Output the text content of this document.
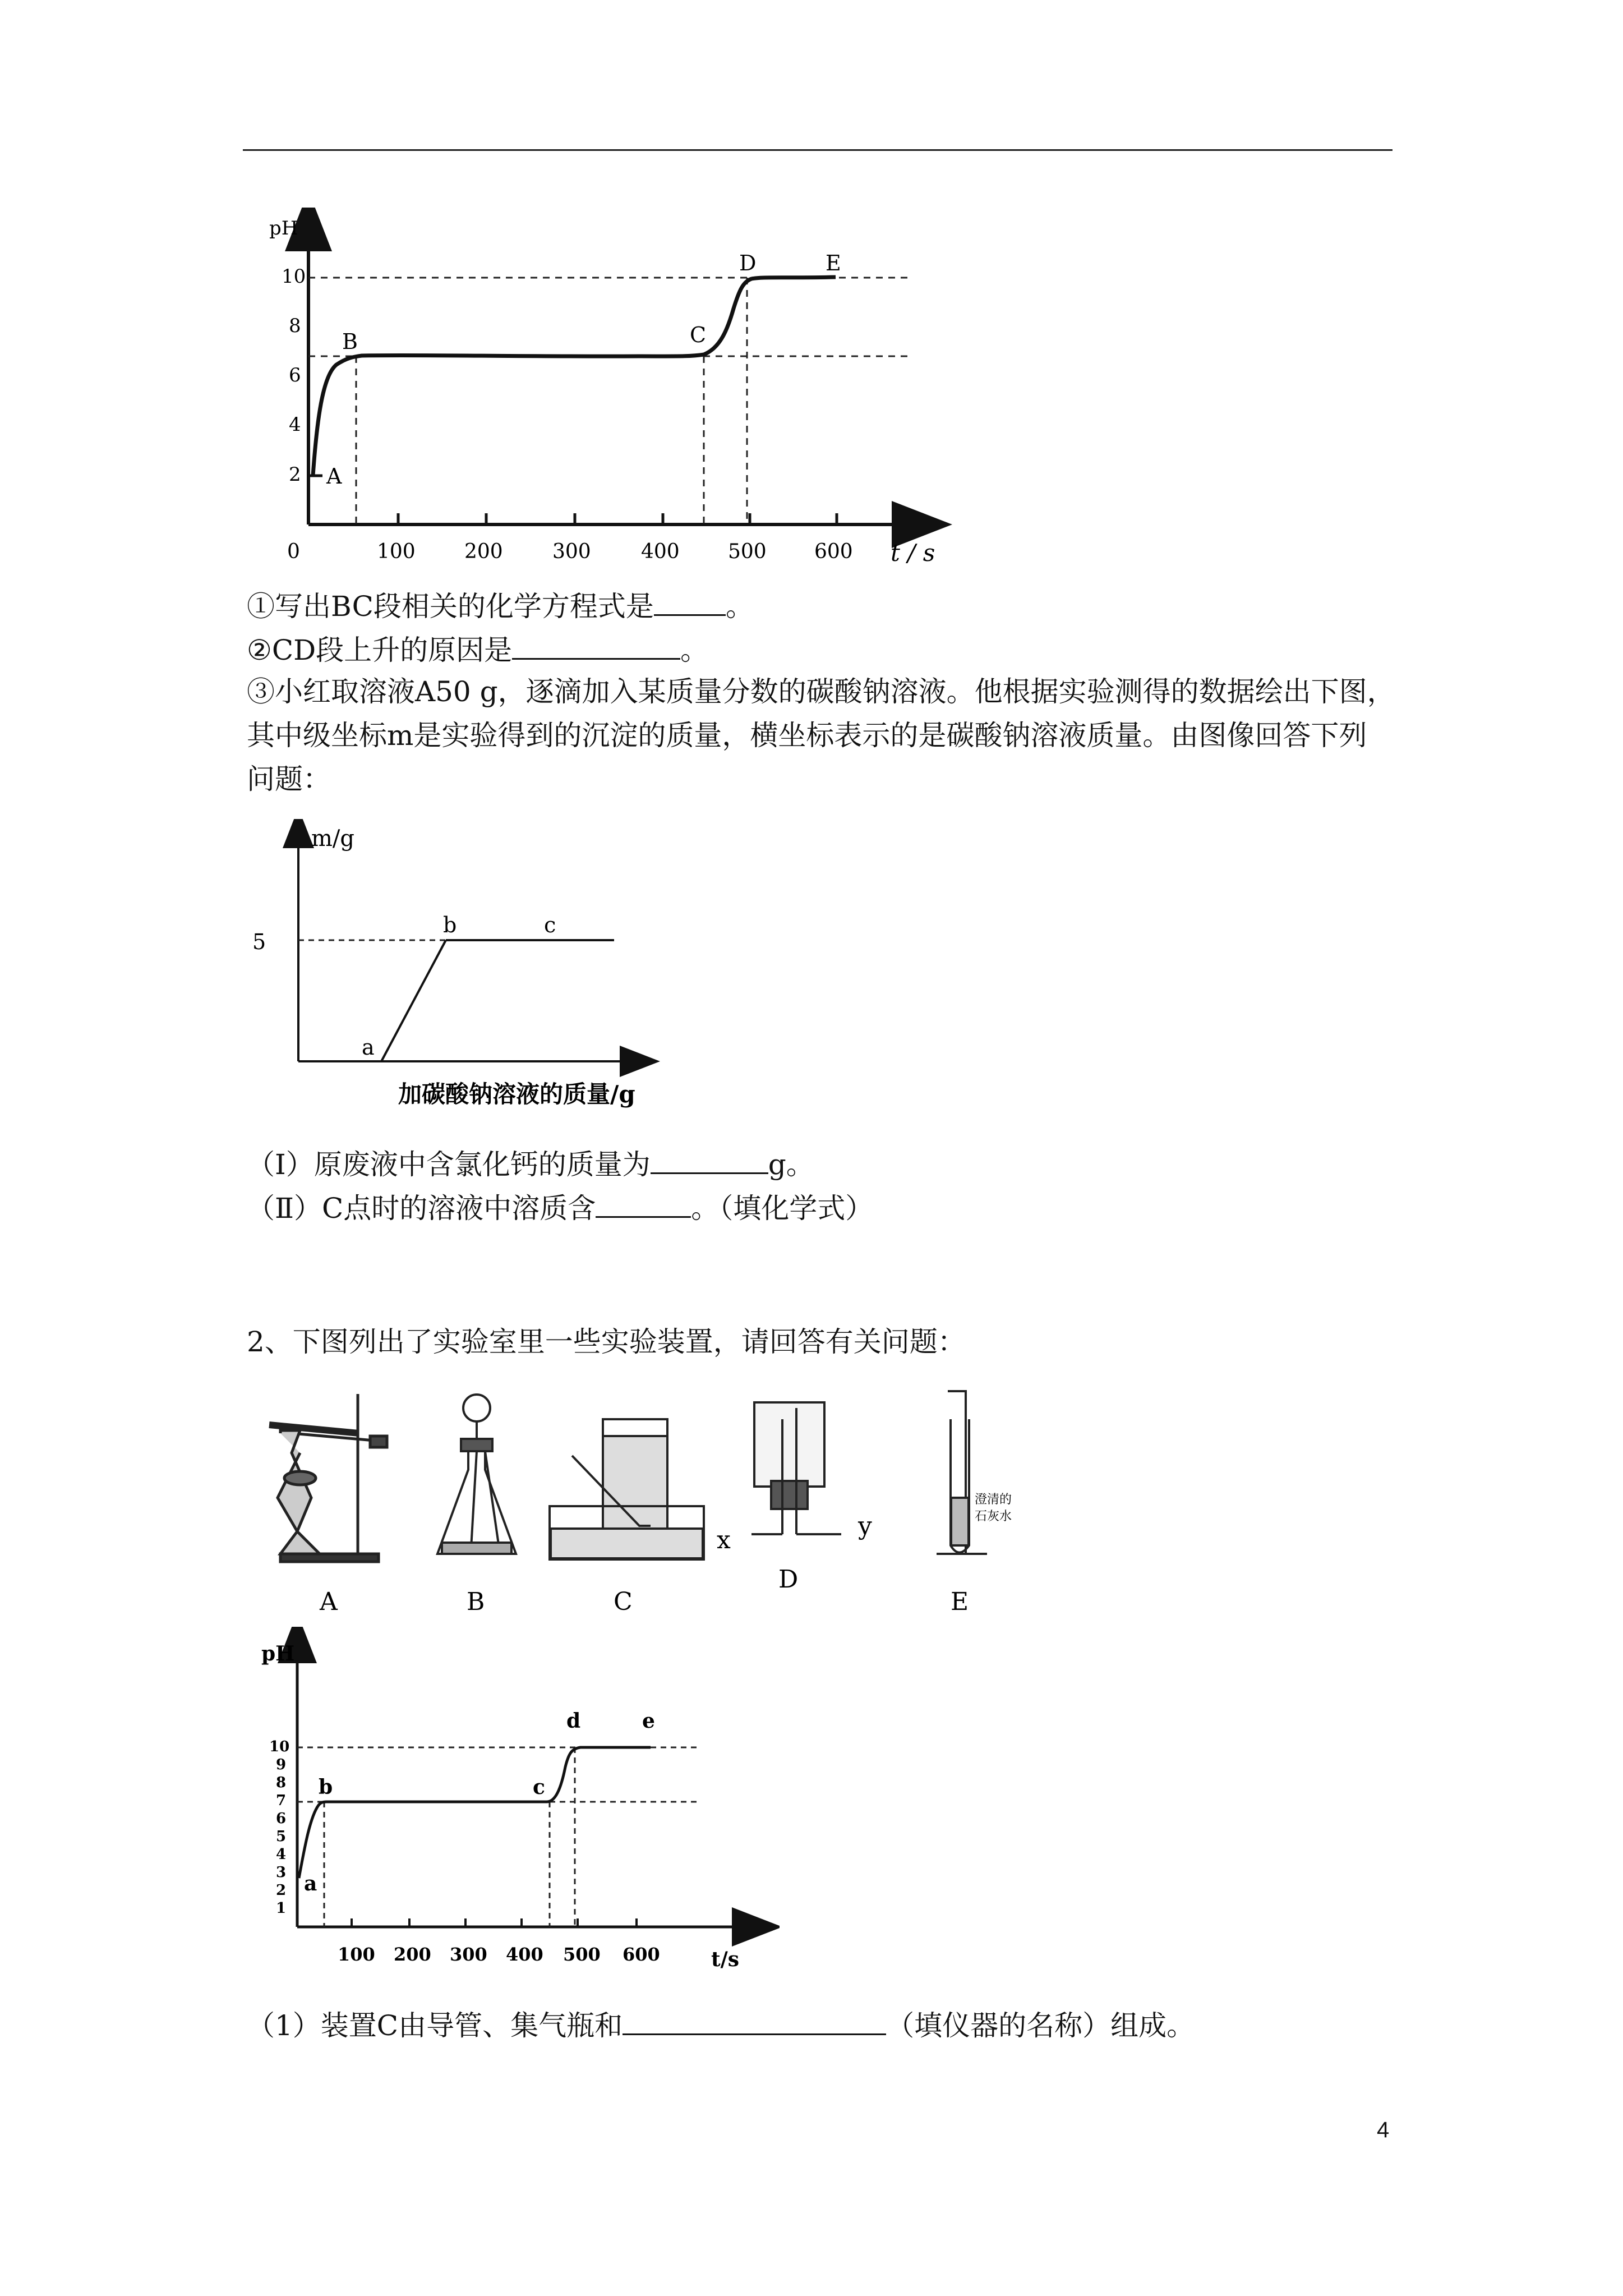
pH
t / s
0	100 200 300 400 500 600
2
4
6
8
10
A
B	C
D	E
①写出BC段相关的化学方程式是	。
②CD段上升的原因是	。
③小红取溶液A50 g，逐滴加入某质量分数的碳酸钠溶液。他根据实验测得的数据绘出下图，
其中级坐标m是实验得到的沉淀的质量，横坐标表示的是碳酸钠溶液质量。由图像回答下列
问题：
m/g
5
a
b	c
加碳酸钠溶液的质量/g
（Ⅰ）原废液中含氯化钙的质量为	g。
（Ⅱ）C点时的溶液中溶质含	。（填化学式）
2、下图列出了实验室里一些实验装置，请回答有关问题：
A	B	C
x	y
D
澄清的
石灰水
E
pH
t/s
100 200 300 400 500 600
1
2
3
4
5
6
7
8
9
10
a
b	c
d	e
（1）装置C由导管、集气瓶和	（填仪器的名称）组成。
4
